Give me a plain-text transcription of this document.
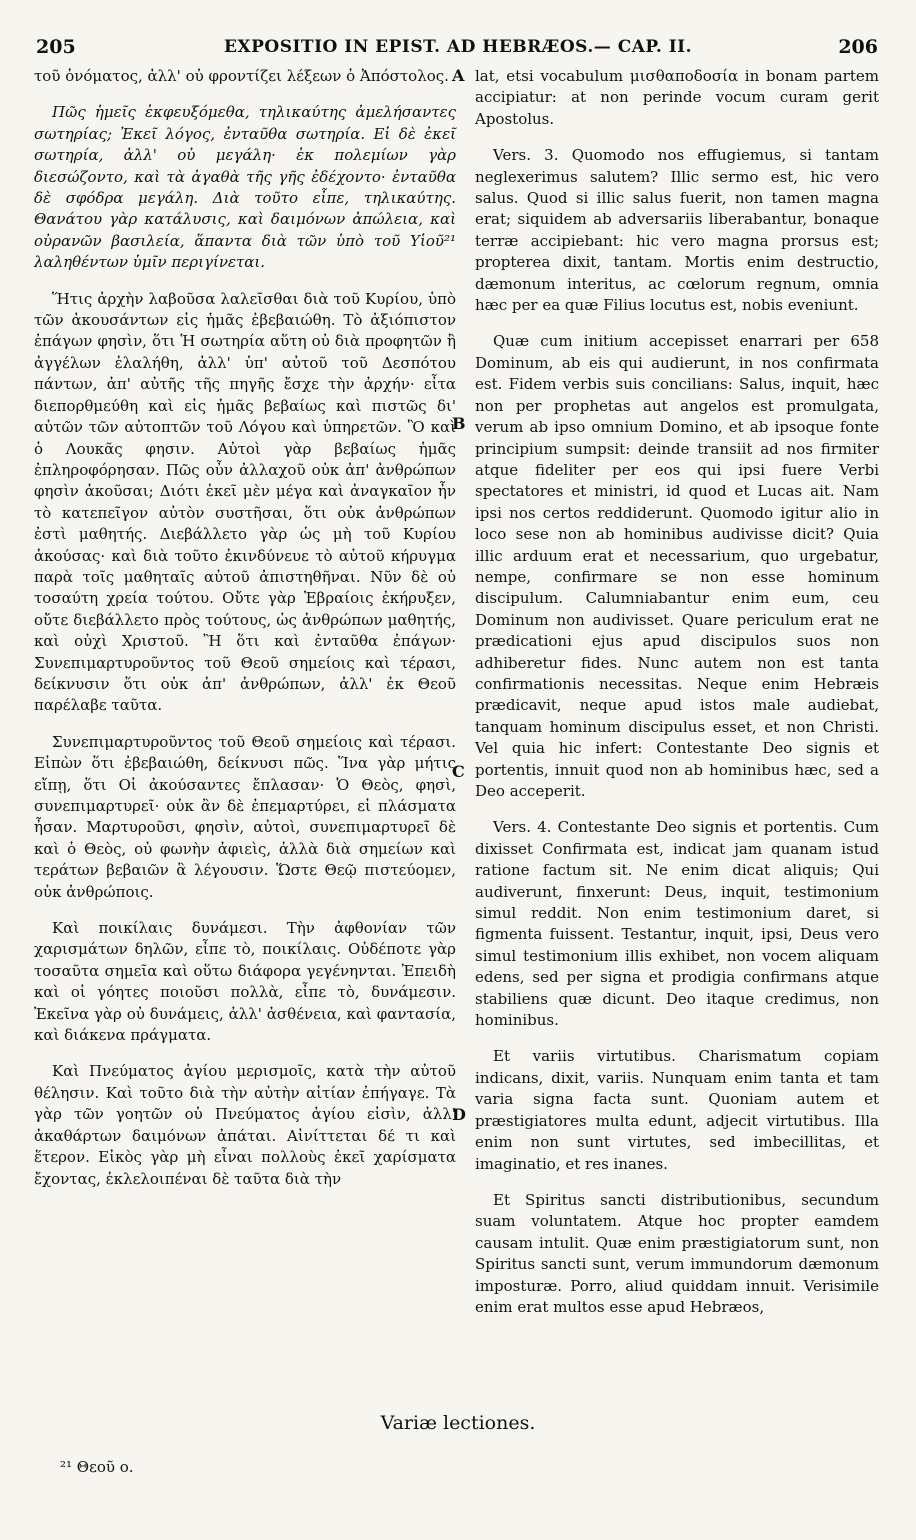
205	EXPOSITIO IN EPIST. AD HEBRÆOS.— CAP. II.	206

τοῦ ὀνόματος, ἀλλ' οὐ φροντίζει λέξεων ὁ Ἀπόστολος.

Πῶς ἡμεῖς ἐκφευξόμεθα, τηλικαύτης ἀμελήσαντες σωτηρίας; Ἐκεῖ λόγος, ἐνταῦθα σωτηρία. Εἰ δὲ ἐκεῖ σωτηρία, ἀλλ' οὐ μεγάλη· ἐκ πολεμίων γὰρ διεσώζοντο, καὶ τὰ ἀγαθὰ τῆς γῆς ἐδέχοντο· ἐνταῦθα δὲ σφόδρα μεγάλη. Διὰ τοῦτο εἶπε, τηλικαύτης. Θανάτου γὰρ κατάλυσις, καὶ δαιμόνων ἀπώλεια, καὶ οὐρανῶν βασιλεία, ἅπαντα διὰ τῶν ὑπὸ τοῦ Υἱοῦ²¹ λαληθέντων ὑμῖν περιγίνεται.

Ἥτις ἀρχὴν λαβοῦσα λαλεῖσθαι διὰ τοῦ Κυρίου, ὑπὸ τῶν ἀκουσάντων εἰς ἡμᾶς ἐβεβαιώθη. Τὸ ἀξιόπιστον ἐπάγων φησὶν, ὅτι Ἡ σωτηρία αὕτη οὐ διὰ προφητῶν ἢ ἀγγέλων ἐλαλήθη, ἀλλ' ὑπ' αὐτοῦ τοῦ Δεσπότου πάντων, ἀπ' αὐτῆς τῆς πηγῆς ἔσχε τὴν ἀρχήν· εἶτα διεπορθμεύθη καὶ εἰς ἡμᾶς βεβαίως καὶ πιστῶς δι' αὐτῶν τῶν αὐτοπτῶν τοῦ Λόγου καὶ ὑπηρετῶν. Ὃ καὶ ὁ Λουκᾶς φησιν. Αὐτοὶ γὰρ βεβαίως ἡμᾶς ἐπληροφόρησαν. Πῶς οὖν ἀλλαχοῦ οὐκ ἀπ' ἀνθρώπων φησὶν ἀκοῦσαι; Διότι ἐκεῖ μὲν μέγα καὶ ἀναγκαῖον ἦν τὸ κατεπεῖγον αὐτὸν συστῆσαι, ὅτι οὐκ ἀνθρώπων ἐστὶ μαθητής. Διεβάλλετο γὰρ ὡς μὴ τοῦ Κυρίου ἀκούσας· καὶ διὰ τοῦτο ἐκινδύνευε τὸ αὐτοῦ κήρυγμα παρὰ τοῖς μαθηταῖς αὐτοῦ ἀπιστηθῆναι. Νῦν δὲ οὐ τοσαύτη χρεία τούτου. Οὔτε γὰρ Ἑβραίοις ἐκήρυξεν, οὔτε διεβάλλετο πρὸς τούτους, ὡς ἀνθρώπων μαθητής, καὶ οὐχὶ Χριστοῦ. Ἢ ὅτι καὶ ἐνταῦθα ἐπάγων· Συνεπιμαρτυροῦντος τοῦ Θεοῦ σημείοις καὶ τέρασι, δείκνυσιν ὅτι οὐκ ἀπ' ἀνθρώπων, ἀλλ' ἐκ Θεοῦ παρέλαβε ταῦτα.

Συνεπιμαρτυροῦντος τοῦ Θεοῦ σημείοις καὶ τέρασι. Εἰπὼν ὅτι ἐβεβαιώθη, δείκνυσι πῶς. Ἵνα γὰρ μήτις εἴπῃ, ὅτι Οἱ ἀκούσαντες ἔπλασαν· Ὁ Θεὸς, φησὶ, συνεπιμαρτυρεῖ· οὐκ ἂν δὲ ἐπεμαρτύρει, εἰ πλάσματα ἦσαν. Μαρτυροῦσι, φησὶν, αὐτοὶ, συνεπιμαρτυρεῖ δὲ καὶ ὁ Θεὸς, οὐ φωνὴν ἀφιεὶς, ἀλλὰ διὰ σημείων καὶ τεράτων βεβαιῶν ἃ λέγουσιν. Ὥστε Θεῷ πιστεύομεν, οὐκ ἀνθρώποις.

Καὶ ποικίλαις δυνάμεσι. Τὴν ἀφθονίαν τῶν χαρισμάτων δηλῶν, εἶπε τὸ, ποικίλαις. Οὐδέποτε γὰρ τοσαῦτα σημεῖα καὶ οὕτω διάφορα γεγένηνται. Ἐπειδὴ καὶ οἱ γόητες ποιοῦσι πολλὰ, εἶπε τὸ, δυνάμεσιν. Ἐκεῖνα γὰρ οὐ δυνάμεις, ἀλλ' ἀσθένεια, καὶ φαντασία, καὶ διάκενα πράγματα.

Καὶ Πνεύματος ἁγίου μερισμοῖς, κατὰ τὴν αὐτοῦ θέλησιν. Καὶ τοῦτο διὰ τὴν αὐτὴν αἰτίαν ἐπήγαγε. Τὰ γὰρ τῶν γοητῶν οὐ Πνεύματος ἁγίου εἰσὶν, ἀλλ' ἀκαθάρτων δαιμόνων ἀπάται. Αἰνίττεται δέ τι καὶ ἕτερον. Εἰκὸς γὰρ μὴ εἶναι πολλοὺς ἐκεῖ χαρίσματα ἔχοντας, ἐκλελοιπέναι δὲ ταῦτα διὰ τὴν

A
B
C
D

lat, etsi vocabulum μισθαποδοσία in bonam partem accipiatur: at non perinde vocum curam gerit Apostolus.

Vers. 3. Quomodo nos effugiemus, si tantam neglexerimus salutem? Illic sermo est, hic vero salus. Quod si illic salus fuerit, non tamen magna erat; siquidem ab adversariis liberabantur, bonaque terræ accipiebant: hic vero magna prorsus est; propterea dixit, tantam. Mortis enim destructio, dæmonum interitus, ac cœlorum regnum, omnia hæc per ea quæ Filius locutus est, nobis eveniunt.

Quæ cum initium accepisset enarrari per 658 Dominum, ab eis qui audierunt, in nos confirmata est. Fidem verbis suis concilians: Salus, inquit, hæc non per prophetas aut angelos est promulgata, verum ab ipso omnium Domino, et ab ipsoque fonte principium sumpsit: deinde transiit ad nos firmiter atque fideliter per eos qui ipsi fuere Verbi spectatores et ministri, id quod et Lucas ait. Nam ipsi nos certos reddiderunt. Quomodo igitur alio in loco sese non ab hominibus audivisse dicit? Quia illic arduum erat et necessarium, quo urgebatur, nempe, confirmare se non esse hominum discipulum. Calumniabantur enim eum, ceu Dominum non audivisset. Quare periculum erat ne prædicationi ejus apud discipulos suos non adhiberetur fides. Nunc autem non est tanta confirmationis necessitas. Neque enim Hebræis prædicavit, neque apud istos male audiebat, tanquam hominum discipulus esset, et non Christi. Vel quia hic infert: Contestante Deo signis et portentis, innuit quod non ab hominibus hæc, sed a Deo acceperit.

Vers. 4. Contestante Deo signis et portentis. Cum dixisset Confirmata est, indicat jam quanam istud ratione factum sit. Ne enim dicat aliquis; Qui audiverunt, finxerunt: Deus, inquit, testimonium simul reddit. Non enim testimonium daret, si figmenta fuissent. Testantur, inquit, ipsi, Deus vero simul testimonium illis exhibet, non vocem aliquam edens, sed per signa et prodigia confirmans atque stabiliens quæ dicunt. Deo itaque credimus, non hominibus.

Et variis virtutibus. Charismatum copiam indicans, dixit, variis. Nunquam enim tanta et tam varia signa facta sunt. Quoniam autem et præstigiatores multa edunt, adjecit virtutibus. Illa enim non sunt virtutes, sed imbecillitas, et imaginatio, et res inanes.

Et Spiritus sancti distributionibus, secundum suam voluntatem. Atque hoc propter eamdem causam intulit. Quæ enim præstigiatorum sunt, non Spiritus sancti sunt, verum immundorum dæmonum imposturæ. Porro, aliud quiddam innuit. Verisimile enim erat multos esse apud Hebræos,

Variæ lectiones.
²¹ Θεοῦ ο.
